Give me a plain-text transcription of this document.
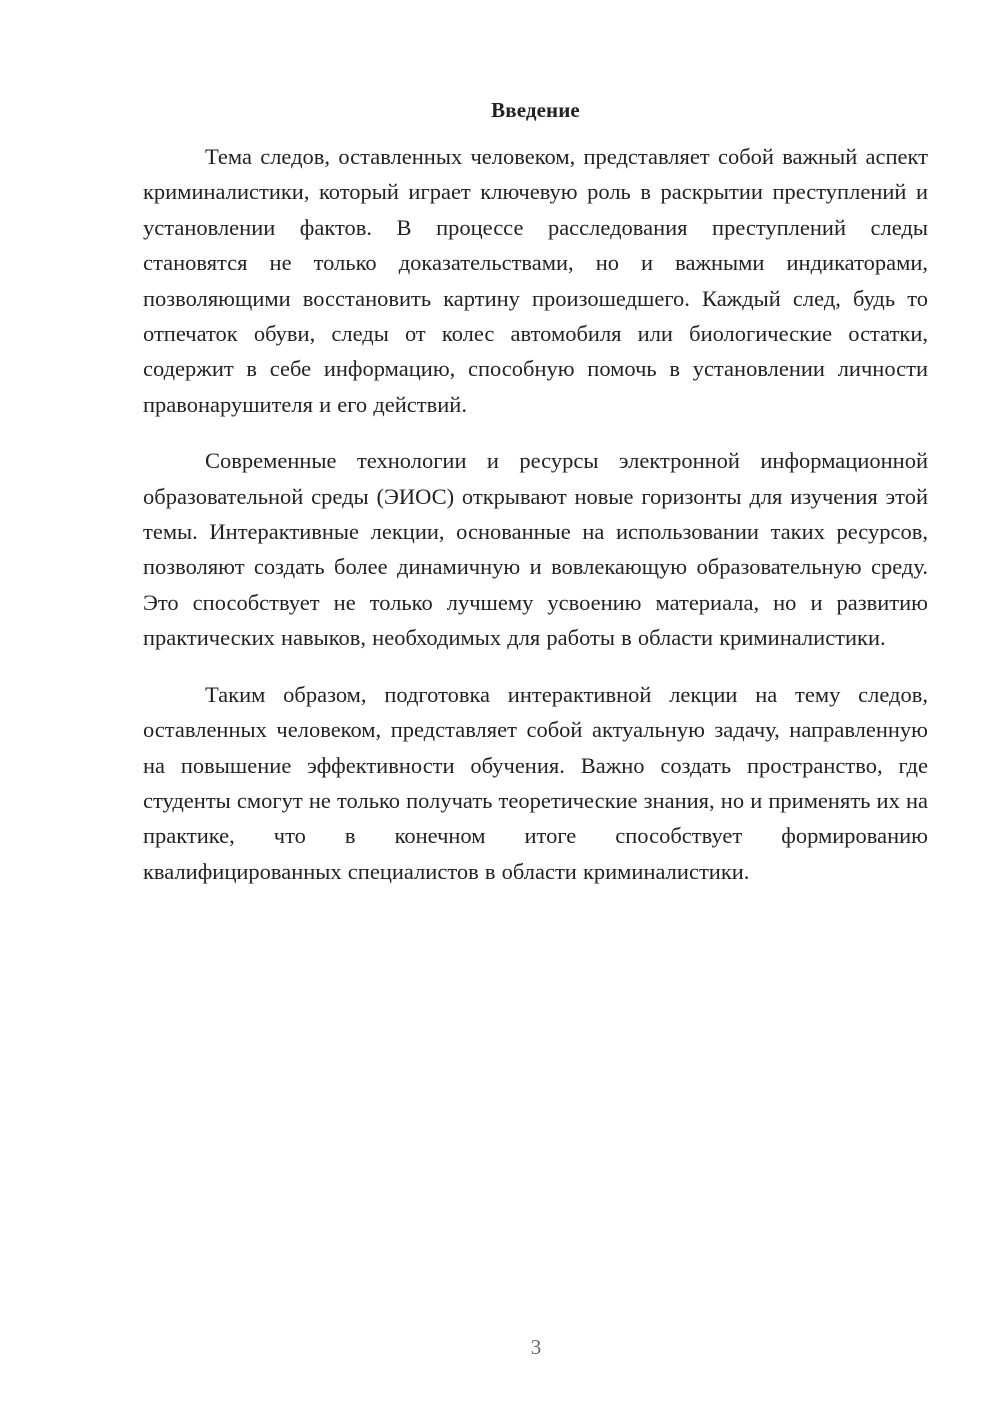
Введение

Тема следов, оставленных человеком, представляет собой важный аспект криминалистики, который играет ключевую роль в раскрытии преступлений и установлении фактов. В процессе расследования преступлений следы становятся не только доказательствами, но и важными индикаторами, позволяющими восстановить картину произошедшего. Каждый след, будь то отпечаток обуви, следы от колес автомобиля или биологические остатки, содержит в себе информацию, способную помочь в установлении личности правонарушителя и его действий.

Современные технологии и ресурсы электронной информационной образовательной среды (ЭИОС) открывают новые горизонты для изучения этой темы. Интерактивные лекции, основанные на использовании таких ресурсов, позволяют создать более динамичную и вовлекающую образовательную среду. Это способствует не только лучшему усвоению материала, но и развитию практических навыков, необходимых для работы в области криминалистики.

Таким образом, подготовка интерактивной лекции на тему следов, оставленных человеком, представляет собой актуальную задачу, направленную на повышение эффективности обучения. Важно создать пространство, где студенты смогут не только получать теоретические знания, но и применять их на практике, что в конечном итоге способствует формированию квалифицированных специалистов в области криминалистики.

3
